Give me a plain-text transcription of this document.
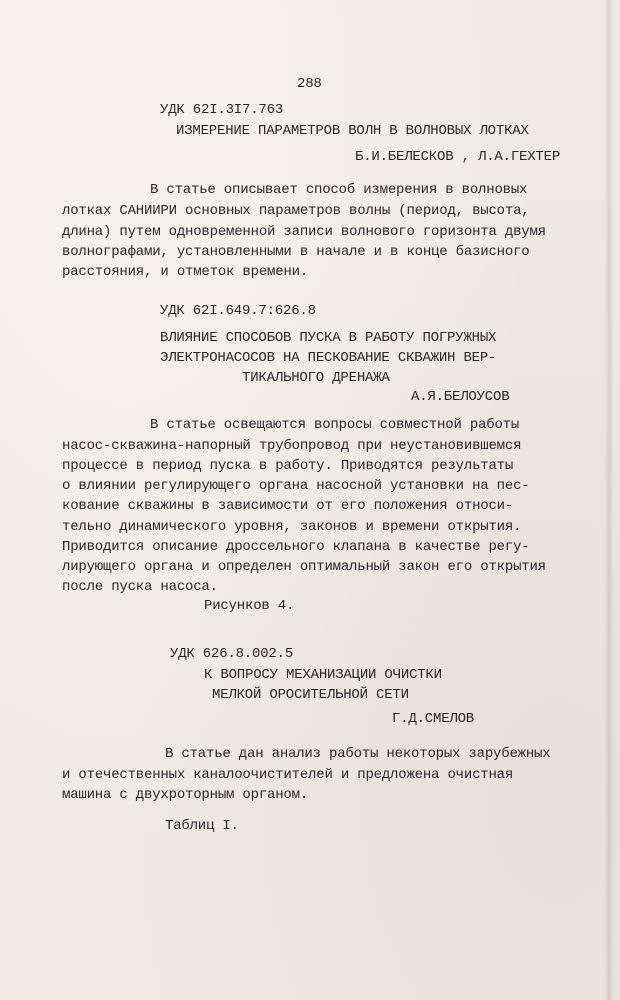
288
УДК 62I.3I7.763
ИЗМЕРЕНИЕ ПАРАМЕТРОВ ВОЛН В ВОЛНОВЫХ ЛОТКАХ
Б.И.БЕЛЕСКОВ , Л.А.ГЕХТЕР
В статье описывает способ измерения в волновых
лотках САНИИРИ основных параметров волны (период, высота,
длина) путем одновременной записи волнового горизонта двумя
волнографами, установленными в начале и в конце базисного
расстояния, и отметок времени.
УДК 62I.649.7:626.8
ВЛИЯНИЕ СПОСОБОВ ПУСКА В РАБОТУ ПОГРУЖНЫХ
ЭЛЕКТРОНАСОСОВ НА ПЕСКОВАНИЕ СКВАЖИН ВЕР-
ТИКАЛЬНОГО ДРЕНАЖА
А.Я.БЕЛОУСОВ
В статье освещаются вопросы совместной работы
насос-скважина-напорный трубопровод при неустановившемся
процессе в период пуска в работу. Приводятся результаты
о влиянии регулирующего органа насосной установки на пес-
кование скважины в зависимости от его положения относи-
тельно динамического уровня, законов и времени открытия.
Приводится описание дроссельного клапана в качестве регу-
лирующего органа и определен оптимальный закон его открытия
после пуска насоса.
Рисунков 4.
УДК 626.8.002.5
К ВОПРОСУ МЕХАНИЗАЦИИ ОЧИСТКИ
МЕЛКОЙ ОРОСИТЕЛЬНОЙ СЕТИ
Г.Д.СМЕЛОВ
В статье дан анализ работы некоторых зарубежных
и отечественных каналоочистителей и предложена очистная
машина с двухроторным органом.
Таблиц I.
